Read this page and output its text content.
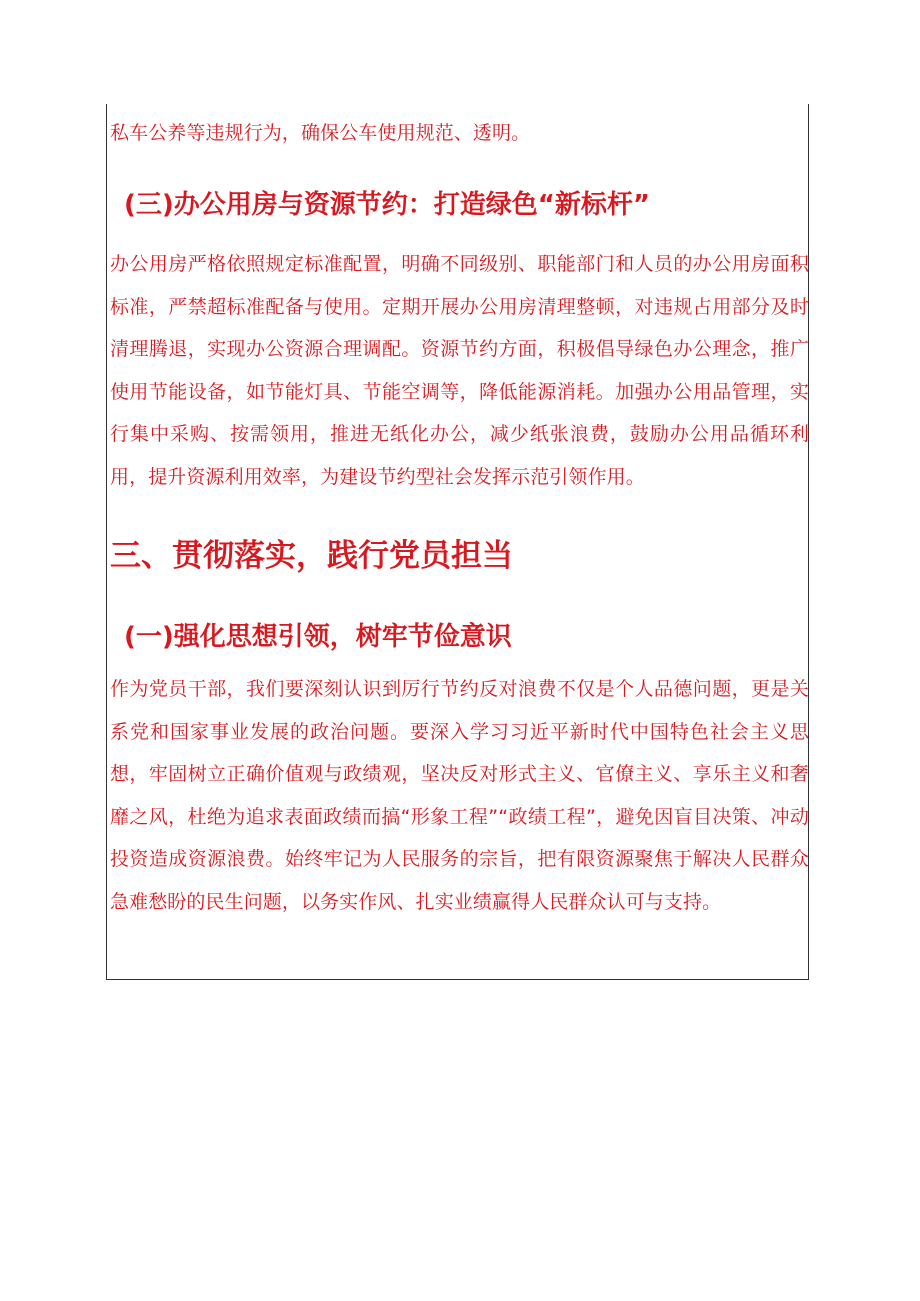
私车公养等违规行为，确保公车使用规范、透明。

(三)办公用房与资源节约：打造绿色“新标杆”

办公用房严格依照规定标准配置，明确不同级别、职能部门和人员的办公用房面积标准，严禁超标准配备与使用。定期开展办公用房清理整顿，对违规占用部分及时清理腾退，实现办公资源合理调配。资源节约方面，积极倡导绿色办公理念，推广使用节能设备，如节能灯具、节能空调等，降低能源消耗。加强办公用品管理，实行集中采购、按需领用，推进无纸化办公，减少纸张浪费，鼓励办公用品循环利用，提升资源利用效率，为建设节约型社会发挥示范引领作用。

三、贯彻落实，践行党员担当
(一)强化思想引领，树牢节俭意识

作为党员干部，我们要深刻认识到厉行节约反对浪费不仅是个人品德问题，更是关系党和国家事业发展的政治问题。要深入学习习近平新时代中国特色社会主义思想，牢固树立正确价值观与政绩观，坚决反对形式主义、官僚主义、享乐主义和奢靡之风，杜绝为追求表面政绩而搞“形象工程”“政绩工程”，避免因盲目决策、冲动投资造成资源浪费。始终牢记为人民服务的宗旨，把有限资源聚焦于解决人民群众急难愁盼的民生问题，以务实作风、扎实业绩赢得人民群众认可与支持。
